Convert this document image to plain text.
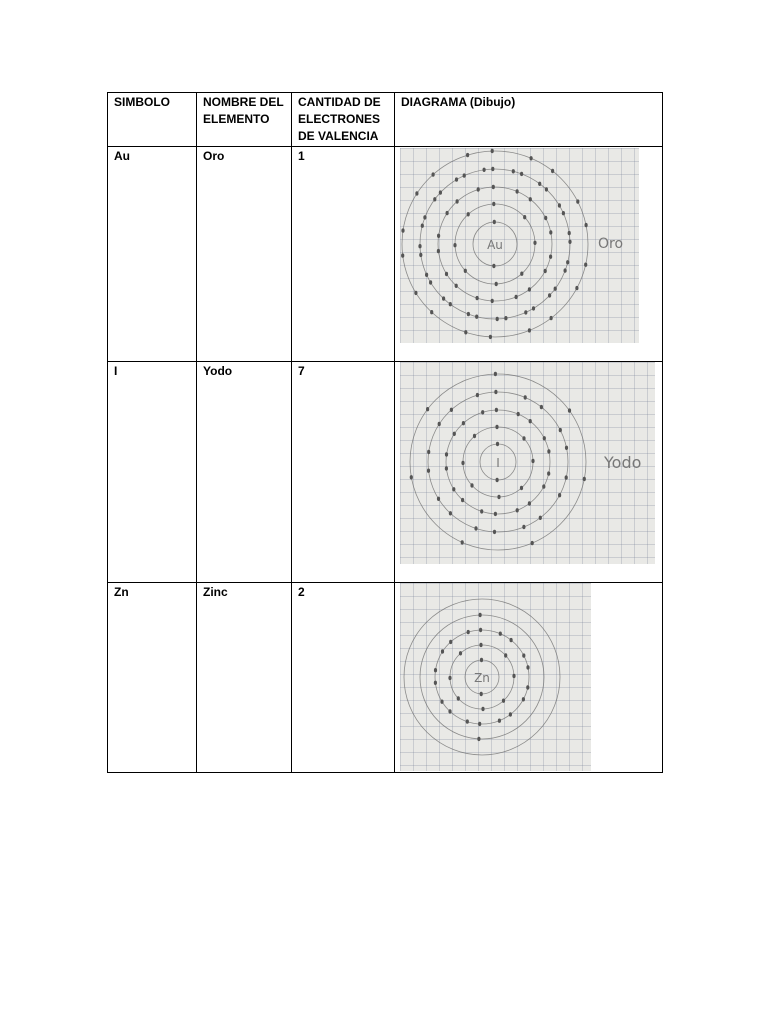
SIMBOLO	NOMBRE DEL ELEMENTO	CANTIDAD DE ELECTRONES DE VALENCIA	DIAGRAMA (Dibujo)
Au	Oro	1	Au Oro

I	Yodo	7	I Yodo

Zn	Zinc	2	Zn
